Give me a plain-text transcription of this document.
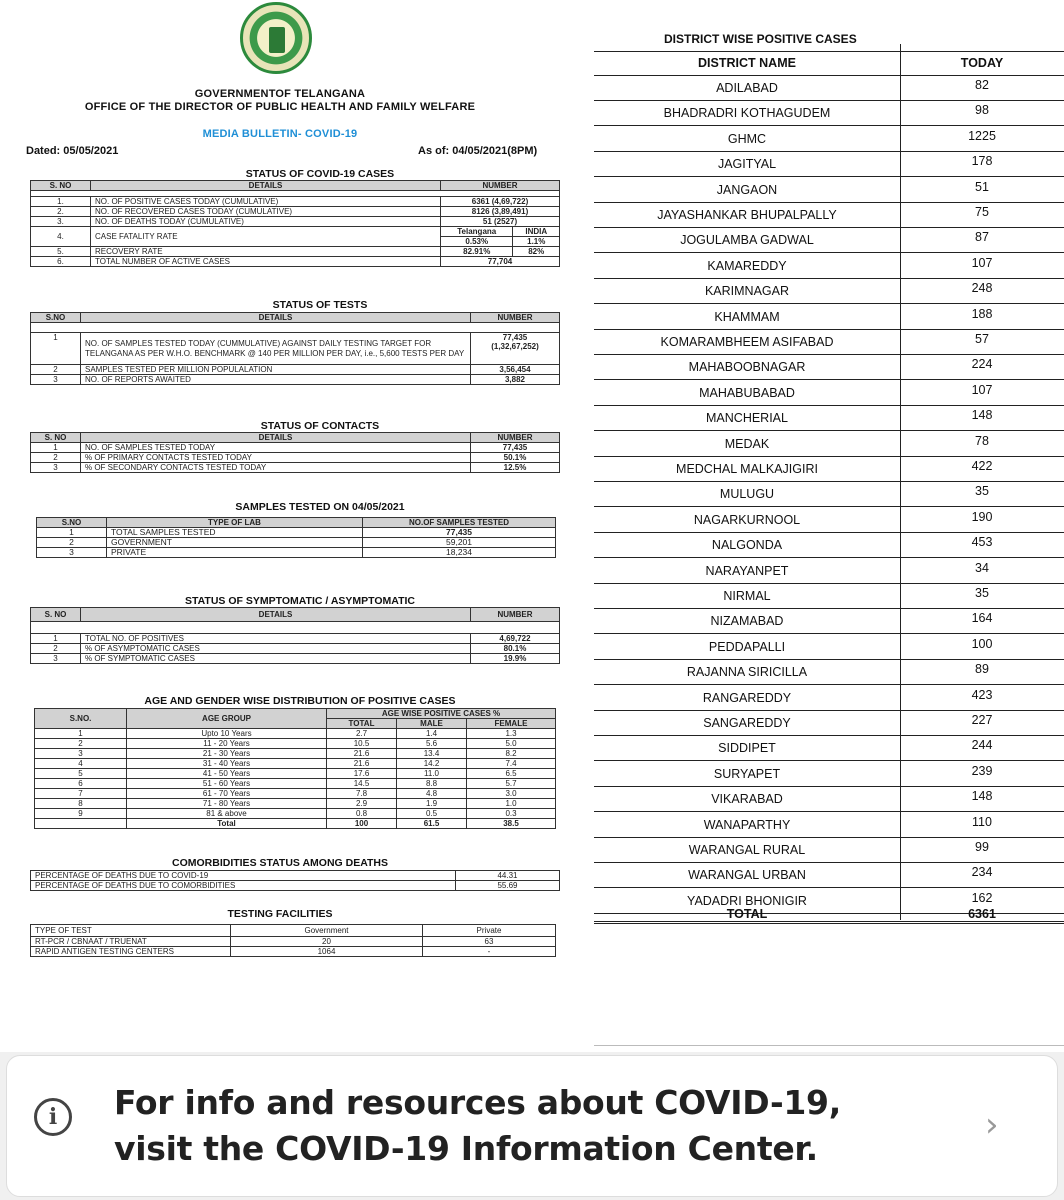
GOVERNMENTOF TELANGANA
OFFICE OF THE DIRECTOR OF PUBLIC HEALTH AND FAMILY WELFARE
MEDIA BULLETIN- COVID-19
Dated: 05/05/2021	As of: 04/05/2021(8PM)
STATUS OF COVID-19 CASES
S. NO	DETAILS	NUMBER	

1.	NO. OF POSITIVE CASES TODAY (CUMULATIVE)	6361 (4,69,722)	
2.	NO. OF RECOVERED CASES TODAY (CUMULATIVE)	8126 (3,89,491)	
3.	NO. OF DEATHS TODAY (CUMULATIVE)	51 (2527)	
4.	CASE FATALITY RATE	Telangana	INDIA
		0.53%	1.1%
5.	RECOVERY RATE	82.91%	82%
6.	TOTAL NUMBER OF ACTIVE CASES	77,704	
STATUS OF TESTS
S.NO	DETAILS	NUMBER

1	NO. OF SAMPLES TESTED TODAY (CUMMULATIVE) AGAINST DAILY TESTING TARGET FOR TELANGANA AS PER W.H.O. BENCHMARK @ 140 PER MILLION PER DAY, i.e., 5,600 TESTS PER DAY	77,435
(1,32,67,252)

2	SAMPLES TESTED PER MILLION POPULALATION	3,56,454
3	NO. OF REPORTS AWAITED	3,882
STATUS OF CONTACTS
S. NO	DETAILS	NUMBER
1	NO. OF SAMPLES TESTED TODAY	77,435
2	% OF PRIMARY CONTACTS TESTED TODAY	50.1%
3	% OF SECONDARY CONTACTS TESTED TODAY	12.5%
SAMPLES TESTED ON 04/05/2021
S.NO	TYPE OF LAB	NO.OF SAMPLES TESTED
1	TOTAL SAMPLES TESTED	77,435
2	GOVERNMENT	59,201
3	PRIVATE	18,234
STATUS OF SYMPTOMATIC / ASYMPTOMATIC
S. NO	DETAILS	NUMBER

1	TOTAL NO. OF POSITIVES	4,69,722
2	% OF ASYMPTOMATIC CASES	80.1%
3	% OF SYMPTOMATIC CASES	19.9%
AGE AND GENDER WISE DISTRIBUTION OF POSITIVE CASES
S.NO.	AGE GROUP	AGE WISE POSITIVE CASES %		
		TOTAL	MALE	FEMALE
1	Upto 10 Years	2.7	1.4	1.3
2	11 - 20 Years	10.5	5.6	5.0
3	21 - 30 Years	21.6	13.4	8.2
4	31 - 40 Years	21.6	14.2	7.4
5	41 - 50 Years	17.6	11.0	6.5
6	51 - 60 Years	14.5	8.8	5.7
7	61 - 70 Years	7.8	4.8	3.0
8	71 - 80 Years	2.9	1.9	1.0
9	81 & above	0.8	0.5	0.3
	Total	100	61.5	38.5
COMORBIDITIES STATUS AMONG DEATHS
PERCENTAGE OF DEATHS DUE TO COVID-19	44.31
PERCENTAGE OF DEATHS DUE TO COMORBIDITIES	55.69
TESTING FACILITIES
TYPE OF TEST	Government	Private
RT-PCR / CBNAAT / TRUENAT	20	63
RAPID ANTIGEN TESTING CENTERS	1064	-
DISTRICT WISE POSITIVE CASES
DISTRICT NAME	TODAY
ADILABAD	82
BHADRADRI KOTHAGUDEM	98
GHMC	1225
JAGITYAL	178
JANGAON	51
JAYASHANKAR BHUPALPALLY	75
JOGULAMBA GADWAL	87
KAMAREDDY	107
KARIMNAGAR	248
KHAMMAM	188
KOMARAMBHEEM ASIFABAD	57
MAHABOOBNAGAR	224
MAHABUBABAD	107
MANCHERIAL	148
MEDAK	78
MEDCHAL MALKAJIGIRI	422
MULUGU	35
NAGARKURNOOL	190
NALGONDA	453
NARAYANPET	34
NIRMAL	35
NIZAMABAD	164
PEDDAPALLI	100
RAJANNA SIRICILLA	89
RANGAREDDY	423
SANGAREDDY	227
SIDDIPET	244
SURYAPET	239
VIKARABAD	148
WANAPARTHY	110
WARANGAL RURAL	99
WARANGAL URBAN	234
YADADRI BHONIGIR	162
TOTAL	6361
i	For info and resources about COVID-19,
visit the COVID-19 Information Center.
›
